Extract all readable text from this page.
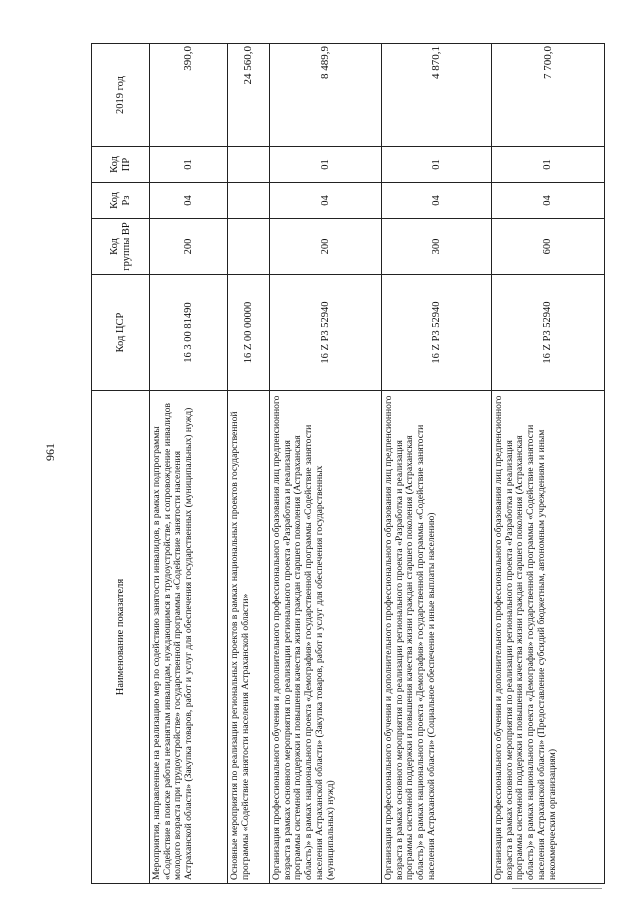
961
Наименование показателя	Код ЦСР	Код группы ВР	Код Рз	Код ПР	2019 год
Мероприятия, направленные на реализацию мер по содействию занятости инвалидов, в рамках подпрограммы «Содействие в поиске работы незанятым инвалидам, нуждающимся в трудоустройстве, и сопровождение инвалидов молодого возраста при трудоустройстве» государственной программы «Содействие занятости населения Астраханской области» (Закупка товаров, работ и услуг для обеспечения государственных (муниципальных) нужд)	16 3 00 81490	200	04	01	390,0
Основные мероприятия по реализации региональных проектов в рамках национальных проектов государственной программы «Содействие занятости населения Астраханской области»	16 Z 00 00000				24 560,0
Организация профессионального обучения и дополнительного профессионального образования лиц предпенсионного возраста в рамках основного мероприятия по реализации регионального проекта «Разработка и реализация программы системной поддержки и повышения качества жизни граждан старшего поколения (Астраханская область)» в рамках национального проекта «Демография» государственной программы «Содействие занятости населения Астраханской области» (Закупка товаров, работ и услуг для обеспечения государственных (муниципальных) нужд)	16 Z P3 52940	200	04	01	8 489,9
Организация профессионального обучения и дополнительного профессионального образования лиц предпенсионного возраста в рамках основного мероприятия по реализации регионального проекта «Разработка и реализация программы системной поддержки и повышения качества жизни граждан старшего поколения (Астраханская область)» в рамках национального проекта «Демография» государственной программы «Содействие занятости населения Астраханской области» (Социальное обеспечение и иные выплаты населению)	16 Z P3 52940	300	04	01	4 870,1
Организация профессионального обучения и дополнительного профессионального образования лиц предпенсионного возраста в рамках основного мероприятия по реализации регионального проекта «Разработка и реализация программы системной поддержки и повышения качества жизни граждан старшего поколения (Астраханская область)» в рамках национального проекта «Демография» государственной программы «Содействие занятости населения Астраханской области» (Предоставление субсидий бюджетным, автономным учреждениям и иным некоммерческим организациям)	16 Z P3 52940	600	04	01	7 700,0
